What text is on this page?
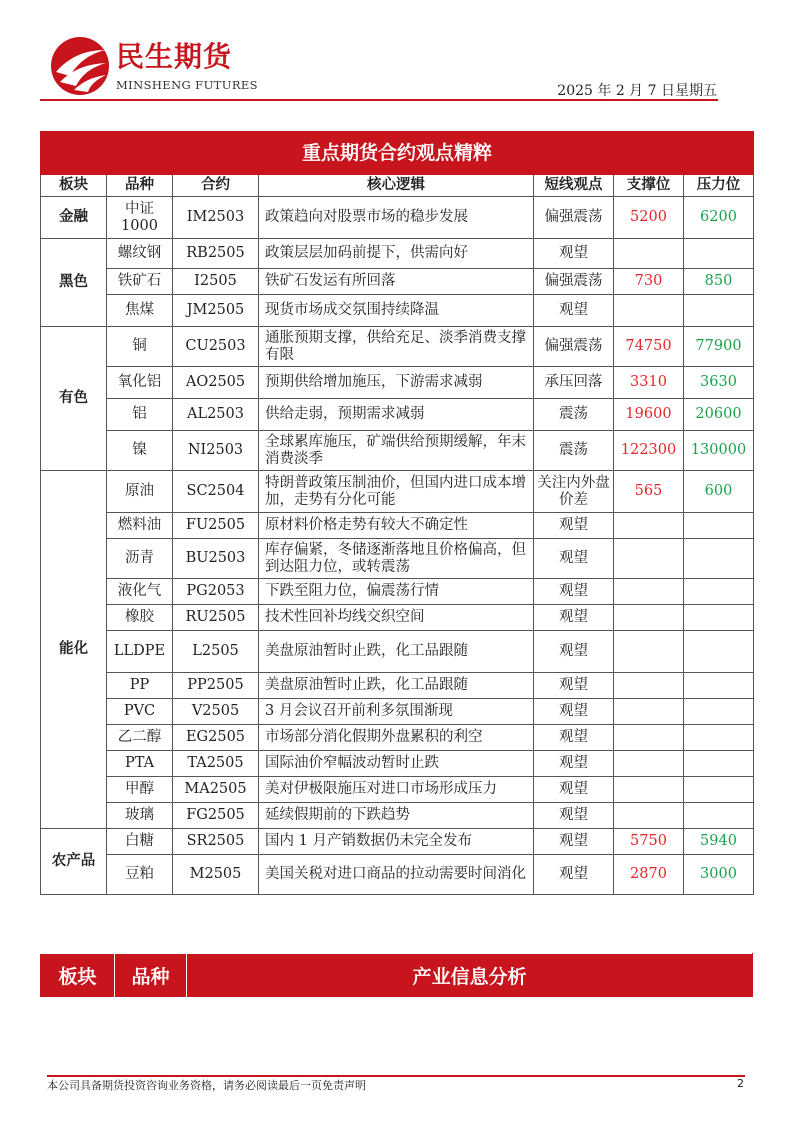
民生期货
MINSHENG FUTURES	2025 年 2 月 7 日星期五
重点期货合约观点精粹						
板块	品种	合约	核心逻辑	短线观点	支撑位	压力位
金融	中证 1000	IM2503	政策趋向对股票市场的稳步发展	偏强震荡	5200	6200
黑色	螺纹钢	RB2505	政策层层加码前提下，供需向好	观望		
	铁矿石	I2505	铁矿石发运有所回落	偏强震荡	730	850
	焦煤	JM2505	现货市场成交氛围持续降温	观望		
有色	铜	CU2503	通胀预期支撑，供给充足、淡季消费支撑有限	偏强震荡	74750	77900
	氧化铝	AO2505	预期供给增加施压，下游需求减弱	承压回落	3310	3630
	铝	AL2503	供给走弱，预期需求减弱	震荡	19600	20600
	镍	NI2503	全球累库施压，矿端供给预期缓解，年末消费淡季	震荡	122300	130000
能化	原油	SC2504	特朗普政策压制油价，但国内进口成本增加，走势有分化可能	关注内外盘价差	565	600
	燃料油	FU2505	原材料价格走势有较大不确定性	观望		
	沥青	BU2503	库存偏紧，冬储逐渐落地且价格偏高，但到达阻力位，或转震荡	观望		
	液化气	PG2053	下跌至阻力位，偏震荡行情	观望		
	橡胶	RU2505	技术性回补均线交织空间	观望		
	LLDPE	L2505	美盘原油暂时止跌，化工品跟随	观望		
	PP	PP2505	美盘原油暂时止跌，化工品跟随	观望		
	PVC	V2505	3 月会议召开前利多氛围渐现	观望		
	乙二醇	EG2505	市场部分消化假期外盘累积的利空	观望		
	PTA	TA2505	国际油价窄幅波动暂时止跌	观望		
	甲醇	MA2505	美对伊极限施压对进口市场形成压力	观望		
	玻璃	FG2505	延续假期前的下跌趋势	观望		
农产品	白糖	SR2505	国内 1 月产销数据仍未完全发布	观望	5750	5940
	豆粕	M2505	美国关税对进口商品的拉动需要时间消化	观望	2870	3000
板块	品种	产业信息分析
本公司具备期货投资咨询业务资格，请务必阅读最后一页免责声明	2
